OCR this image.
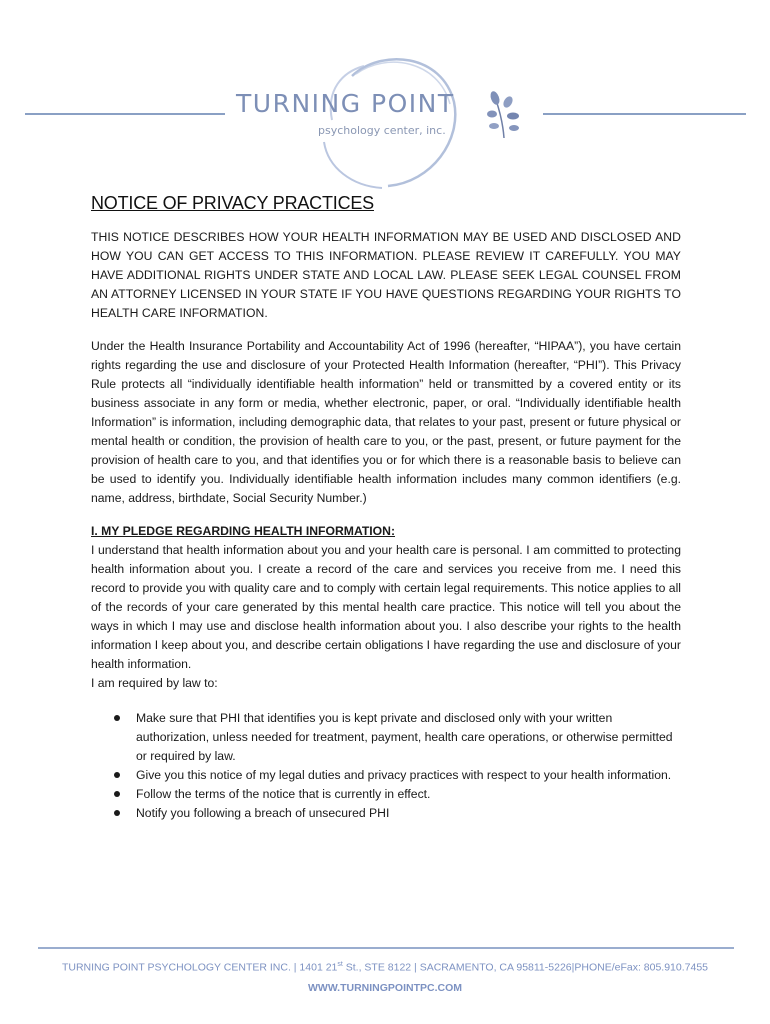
TURNING POINT
psychology center, inc.
NOTICE OF PRIVACY PRACTICES

THIS NOTICE DESCRIBES HOW YOUR HEALTH INFORMATION MAY BE USED AND DISCLOSED AND HOW YOU CAN GET ACCESS TO THIS INFORMATION. PLEASE REVIEW IT CAREFULLY. YOU MAY HAVE ADDITIONAL RIGHTS UNDER STATE AND LOCAL LAW. PLEASE SEEK LEGAL COUNSEL FROM AN ATTORNEY LICENSED IN YOUR STATE IF YOU HAVE QUESTIONS REGARDING YOUR RIGHTS TO HEALTH CARE INFORMATION.

Under the Health Insurance Portability and Accountability Act of 1996 (hereafter, “HIPAA”), you have certain rights regarding the use and disclosure of your Protected Health Information (hereafter, “PHI”). This Privacy Rule protects all “individually identifiable health information” held or transmitted by a covered entity or its business associate in any form or media, whether electronic, paper, or oral. “Individually identifiable health Information” is information, including demographic data, that relates to your past, present or future physical or mental health or condition, the provision of health care to you, or the past, present, or future payment for the provision of health care to you, and that identifies you or for which there is a reasonable basis to believe can be used to identify you. Individually identifiable health information includes many common identifiers (e.g. name, address, birthdate, Social Security Number.)

I. MY PLEDGE REGARDING HEALTH INFORMATION:

I understand that health information about you and your health care is personal. I am committed to protecting health information about you. I create a record of the care and services you receive from me. I need this record to provide you with quality care and to comply with certain legal requirements. This notice applies to all of the records of your care generated by this mental health care practice. This notice will tell you about the ways in which I may use and disclose health information about you. I also describe your rights to the health information I keep about you, and describe certain obligations I have regarding the use and disclosure of your health information.

I am required by law to:

Make sure that PHI that identifies you is kept private and disclosed only with your written authorization, unless needed for treatment, payment, health care operations, or otherwise permitted or required by law.
Give you this notice of my legal duties and privacy practices with respect to your health information.
Follow the terms of the notice that is currently in effect.
Notify you following a breach of unsecured PHI
TURNING POINT PSYCHOLOGY CENTER INC. | 1401 21st St., STE 8122 | SACRAMENTO, CA 95811-5226|PHONE/eFax: 805.910.7455
WWW.TURNINGPOINTPC.COM
